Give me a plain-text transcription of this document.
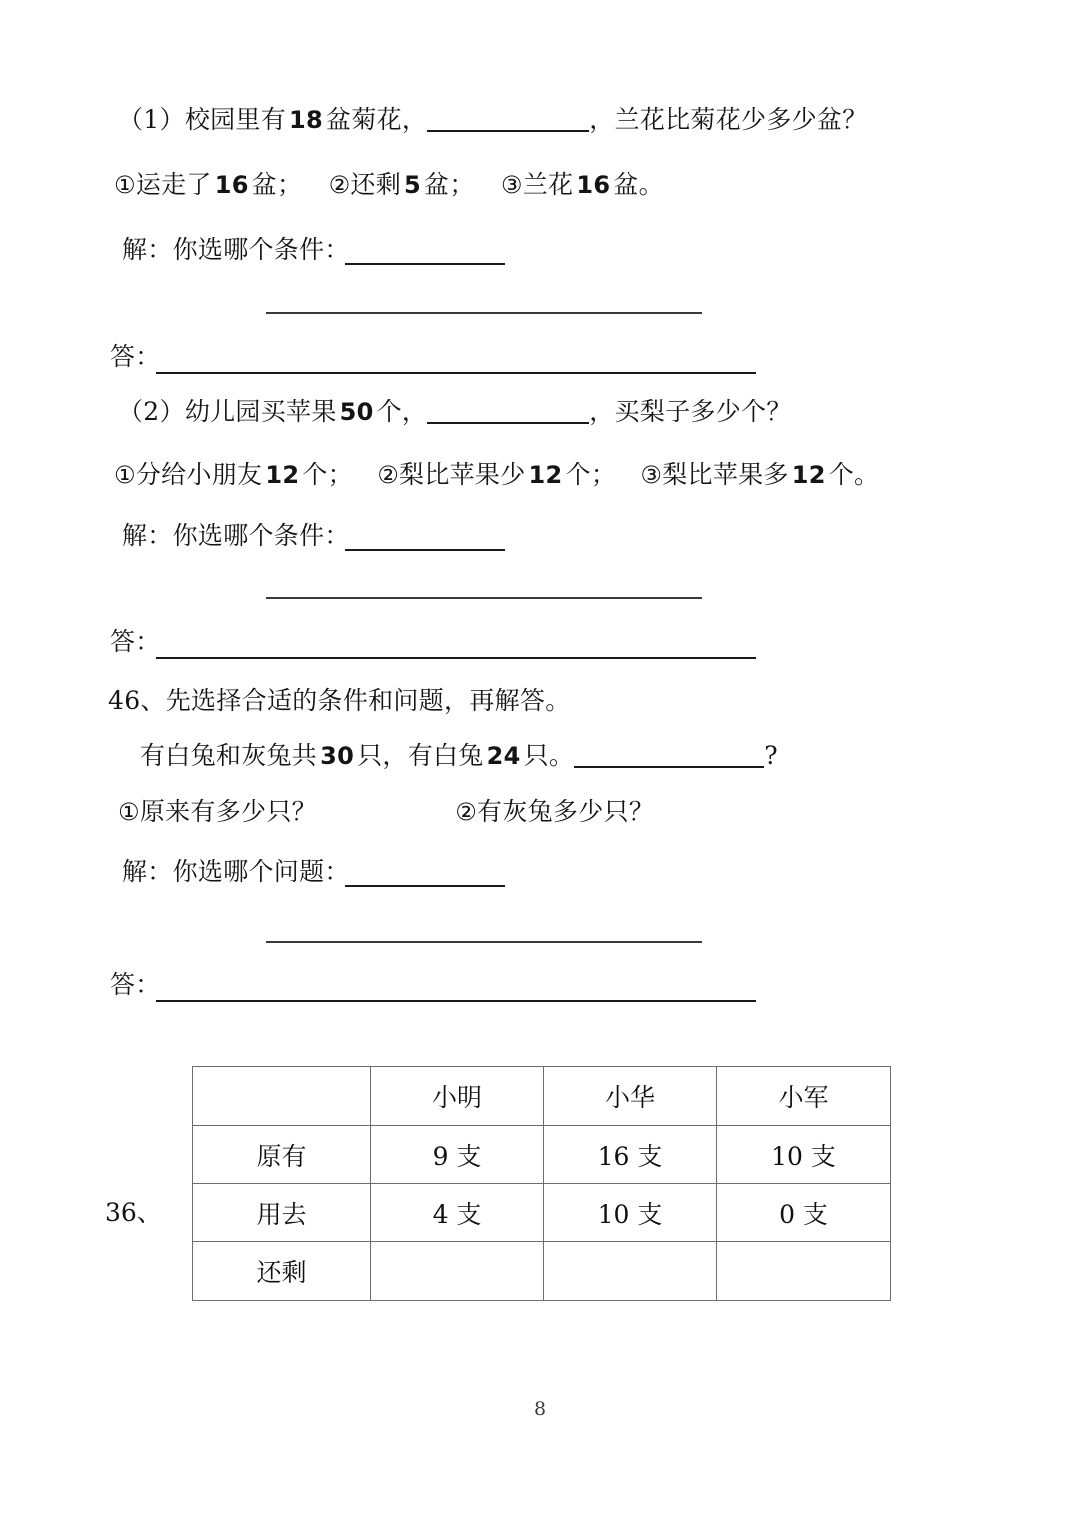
（1）校园里有 18 盆菊花，	，兰花比菊花少多少盆？
①运走了 16 盆； ②还剩 5 盆； ③兰花 16 盆。
解：你选哪个条件：
答：
（2）幼儿园买苹果 50 个，	，买梨子多少个？
①分给小朋友 12 个； ②梨比苹果少 12 个； ③梨比苹果多 12 个。
解：你选哪个条件：
答：
46、先选择合适的条件和问题，再解答。
有白兔和灰兔共 30 只，有白兔 24 只。	?
①原来有多少只？	②有灰兔多少只？
解：你选哪个问题：
答：
36、
	小明	小华	小军
原有	9 支	16 支	10 支
用去	4 支	10 支	0 支
还剩			
8
